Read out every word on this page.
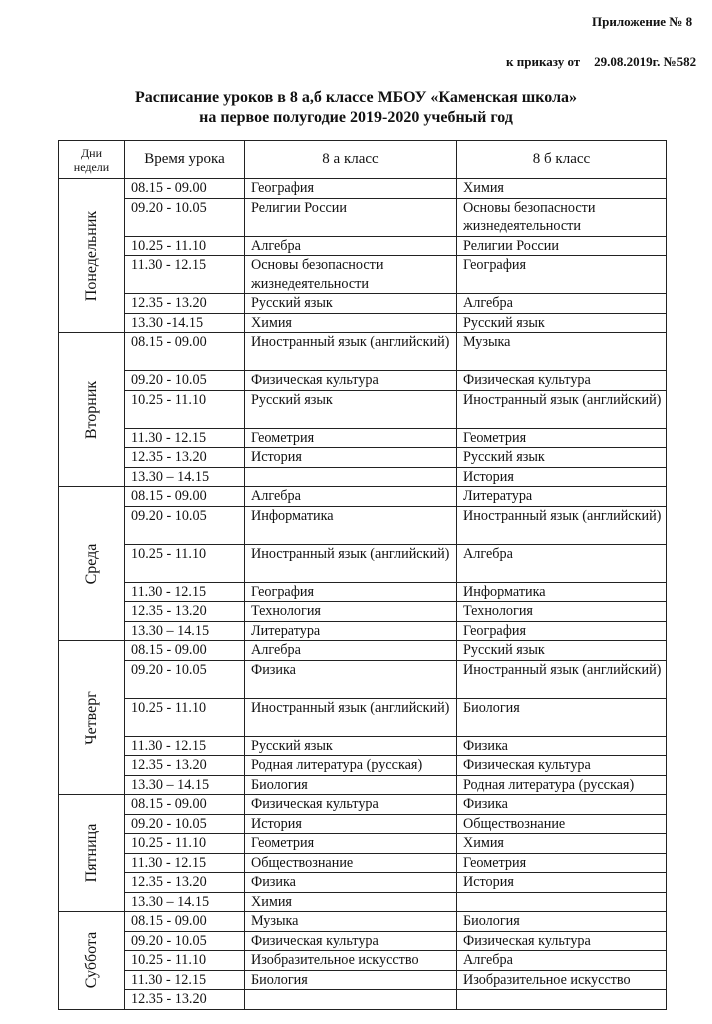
Приложение № 8
к приказу от 29.08.2019г. №582
Расписание уроков в 8 а,б классе МБОУ «Каменская школа»
на первое полугодие 2019-2020 учебный год
Дни
недели	Время урока	8 а класс	8 б класс

Понедельник	08.15 - 09.00	География	Химия
	09.20 - 10.05	Религии России	Основы безопасности жизнедеятельности
	10.25 - 11.10	Алгебра	Религии России
	11.30 - 12.15	Основы безопасности жизнедеятельности	География
	12.35 - 13.20	Русский язык	Алгебра
	13.30 -14.15	Химия	Русский язык

Вторник	08.15 - 09.00	Иностранный язык (английский)	Музыка
	09.20 - 10.05	Физическая культура	Физическая культура
	10.25 - 11.10	Русский язык	Иностранный язык (английский)
	11.30 - 12.15	Геометрия	Геометрия
	12.35 - 13.20	История	Русский язык
	13.30 – 14.15		История

Среда	08.15 - 09.00	Алгебра	Литература
	09.20 - 10.05	Информатика	Иностранный язык (английский)
	10.25 - 11.10	Иностранный язык (английский)	Алгебра
	11.30 - 12.15	География	Информатика
	12.35 - 13.20	Технология	Технология
	13.30 – 14.15	Литература	География

Четверг	08.15 - 09.00	Алгебра	Русский язык
	09.20 - 10.05	Физика	Иностранный язык (английский)
	10.25 - 11.10	Иностранный язык (английский)	Биология
	11.30 - 12.15	Русский язык	Физика
	12.35 - 13.20	Родная литература (русская)	Физическая культура
	13.30 – 14.15	Биология	Родная литература (русская)

Пятница	08.15 - 09.00	Физическая культура	Физика
	09.20 - 10.05	История	Обществознание
	10.25 - 11.10	Геометрия	Химия
	11.30 - 12.15	Обществознание	Геометрия
	12.35 - 13.20	Физика	История
	13.30 – 14.15	Химия	

Суббота	08.15 - 09.00	Музыка	Биология
	09.20 - 10.05	Физическая культура	Физическая культура
	10.25 - 11.10	Изобразительное искусство	Алгебра
	11.30 - 12.15	Биология	Изобразительное искусство
	12.35 - 13.20		
